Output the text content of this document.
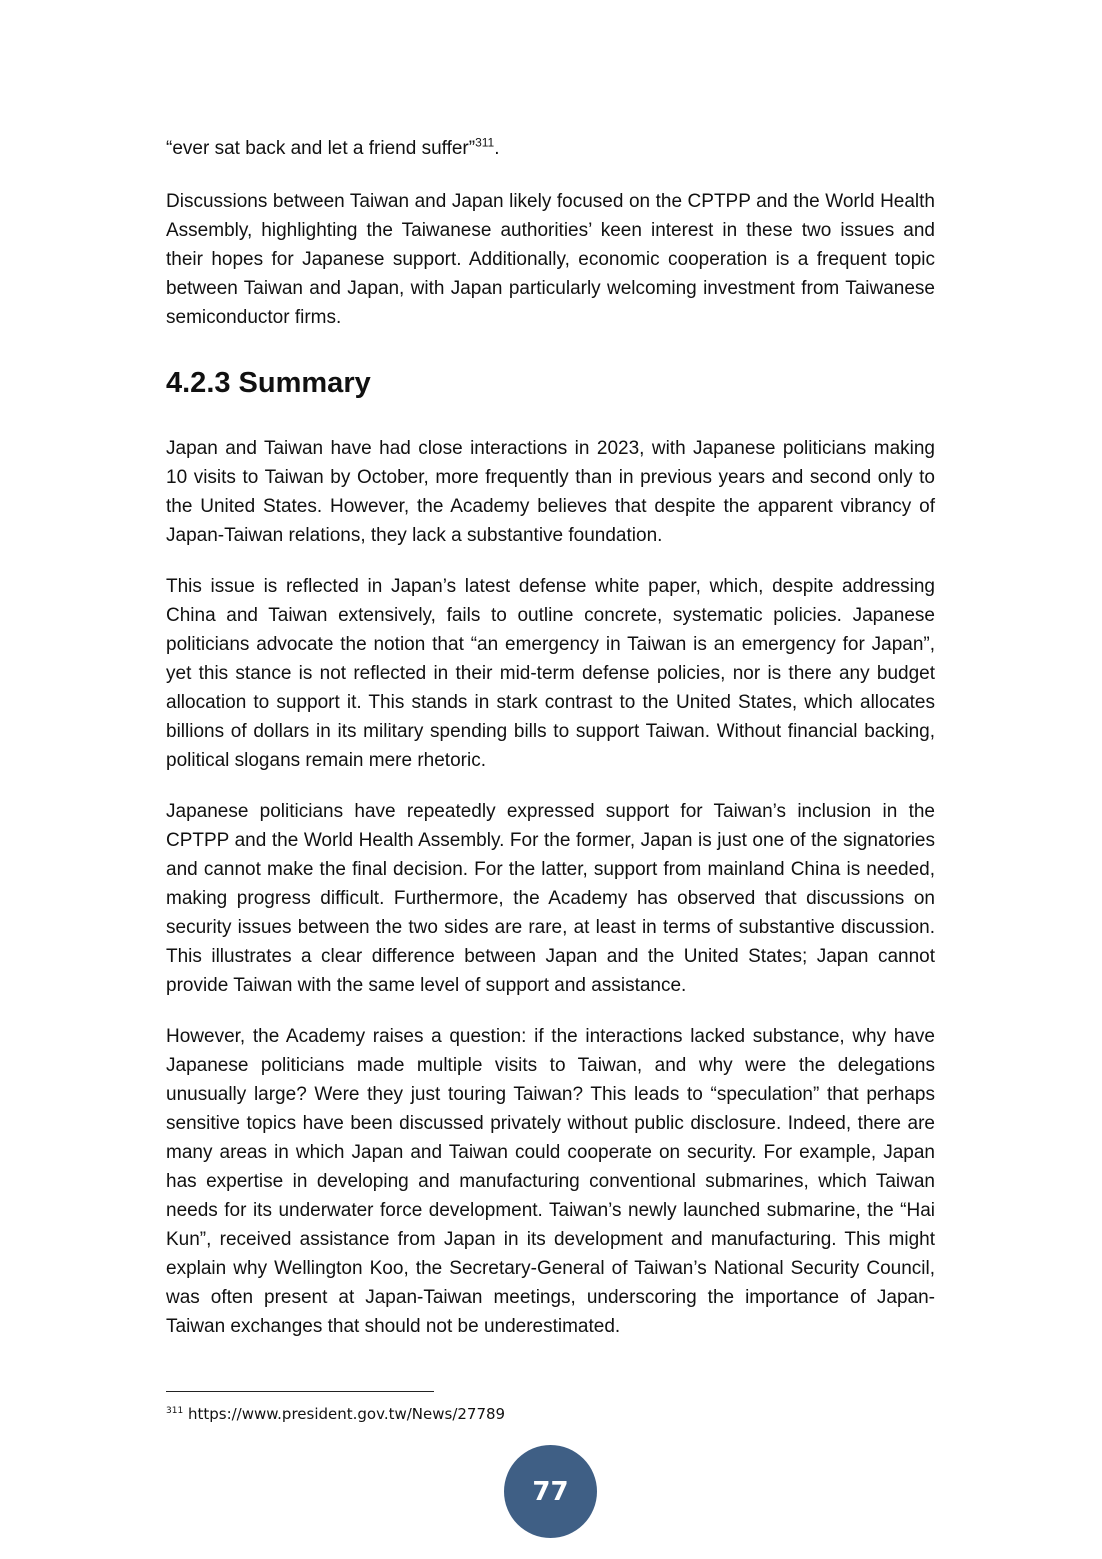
“ever sat back and let a friend suffer”$^{311}$.

Discussions between Taiwan and Japan likely focused on the CPTPP and the World Health Assembly, highlighting the Taiwanese authorities’ keen interest in these two issues and their hopes for Japanese support. Additionally, economic cooperation is a frequent topic between Taiwan and Japan, with Japan particularly welcoming investment from Taiwanese semiconductor firms.

4.2.3 Summary

Japan and Taiwan have had close interactions in 2023, with Japanese politicians making 10 visits to Taiwan by October, more frequently than in previous years and second only to the United States. However, the Academy believes that despite the apparent vibrancy of Japan-Taiwan relations, they lack a substantive foundation.

This issue is reflected in Japan’s latest defense white paper, which, despite addressing China and Taiwan extensively, fails to outline concrete, systematic policies. Japanese politicians advocate the notion that “an emergency in Taiwan is an emergency for Japan”, yet this stance is not reflected in their mid-term defense policies, nor is there any budget allocation to support it. This stands in stark contrast to the United States, which allocates billions of dollars in its military spending bills to support Taiwan. Without financial backing, political slogans remain mere rhetoric.

Japanese politicians have repeatedly expressed support for Taiwan’s inclusion in the CPTPP and the World Health Assembly. For the former, Japan is just one of the signatories and cannot make the final decision. For the latter, support from mainland China is needed, making progress difficult. Furthermore, the Academy has observed that discussions on security issues between the two sides are rare, at least in terms of substantive discussion. This illustrates a clear difference between Japan and the United States; Japan cannot provide Taiwan with the same level of support and assistance.

However, the Academy raises a question: if the interactions lacked substance, why have Japanese politicians made multiple visits to Taiwan, and why were the delegations unusually large? Were they just touring Taiwan? This leads to “speculation” that perhaps sensitive topics have been discussed privately without public disclosure. Indeed, there are many areas in which Japan and Taiwan could cooperate on security. For example, Japan has expertise in developing and manufacturing conventional submarines, which Taiwan needs for its underwater force development. Taiwan’s newly launched submarine, the “Hai Kun”, received assistance from Japan in its development and manufacturing. This might explain why Wellington Koo, the Secretary-General of Taiwan’s National Security Council, was often present at Japan-Taiwan meetings, underscoring the importance of Japan-Taiwan exchanges that should not be underestimated.

$^{311}$ https://www.president.gov.tw/News/27789
77
